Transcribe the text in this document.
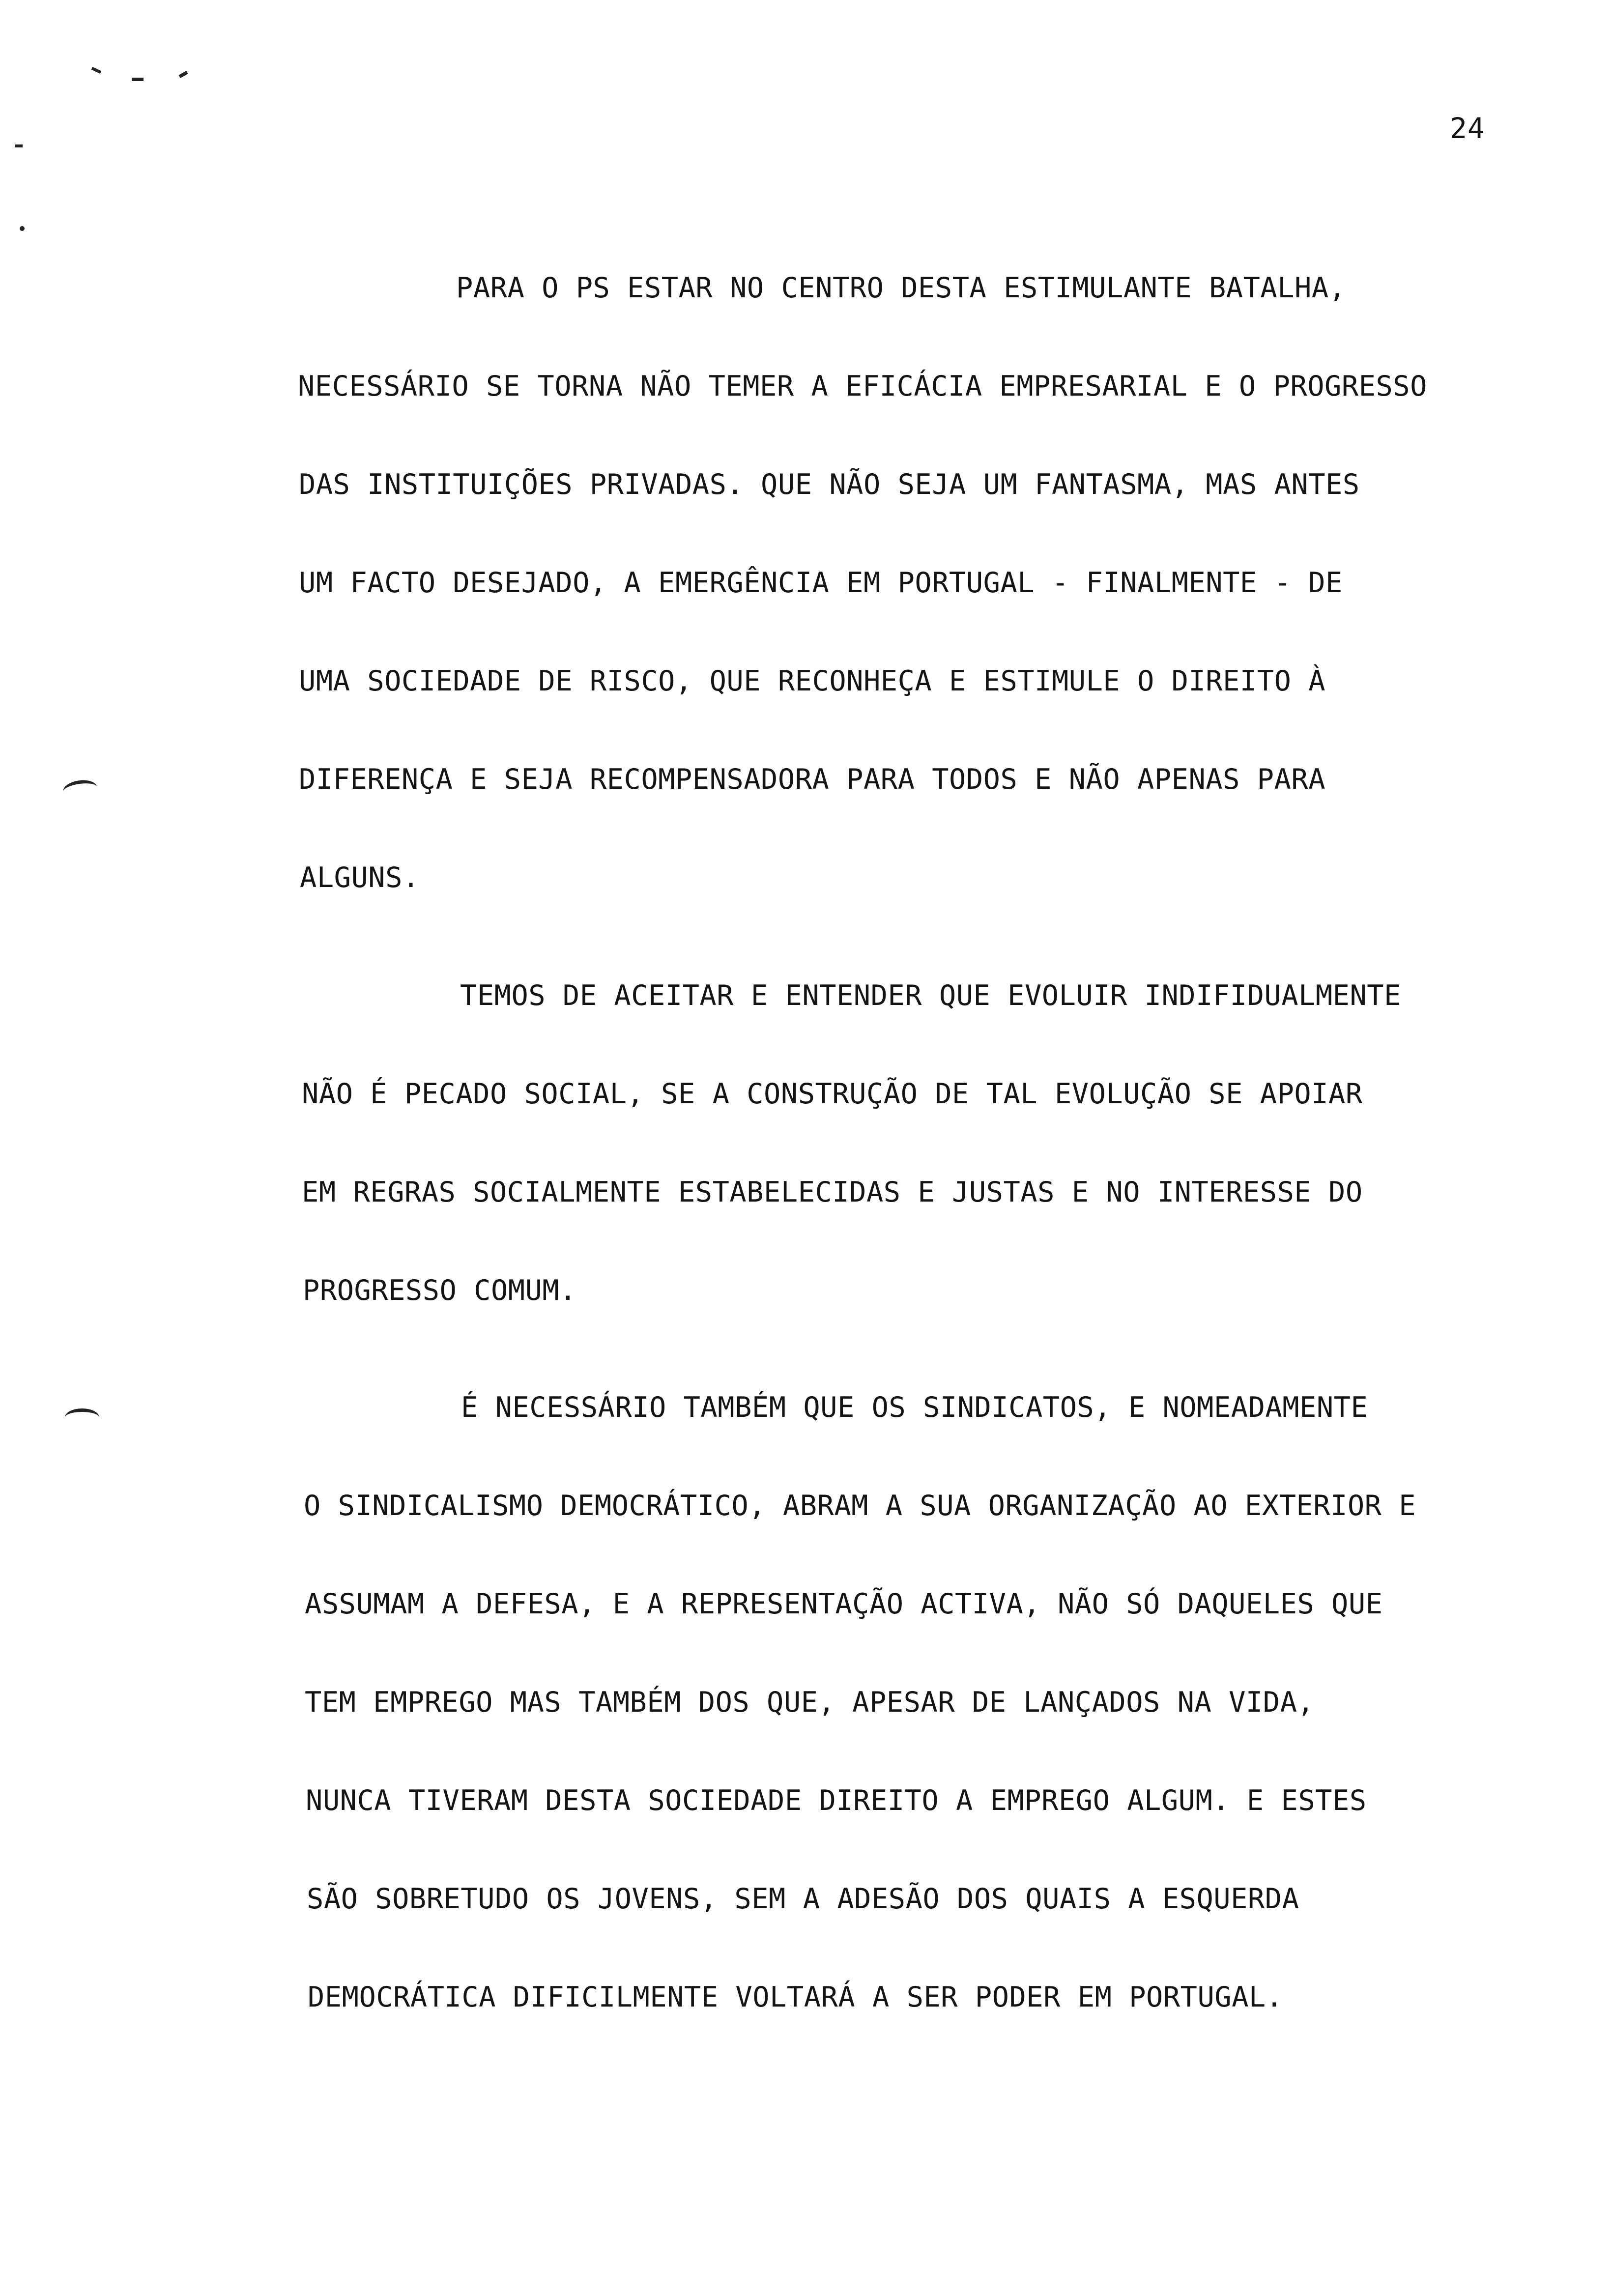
24
PARA O PS ESTAR NO CENTRO DESTA ESTIMULANTE BATALHA,
NECESSÁRIO SE TORNA NÃO TEMER A EFICÁCIA EMPRESARIAL E O PROGRESSO
DAS INSTITUIÇÕES PRIVADAS. QUE NÃO SEJA UM FANTASMA, MAS ANTES
UM FACTO DESEJADO, A EMERGÊNCIA EM PORTUGAL - FINALMENTE - DE
UMA SOCIEDADE DE RISCO, QUE RECONHEÇA E ESTIMULE O DIREITO À
DIFERENÇA E SEJA RECOMPENSADORA PARA TODOS E NÃO APENAS PARA
ALGUNS.
TEMOS DE ACEITAR E ENTENDER QUE EVOLUIR INDIFIDUALMENTE
NÃO É PECADO SOCIAL, SE A CONSTRUÇÃO DE TAL EVOLUÇÃO SE APOIAR
EM REGRAS SOCIALMENTE ESTABELECIDAS E JUSTAS E NO INTERESSE DO
PROGRESSO COMUM.
É NECESSÁRIO TAMBÉM QUE OS SINDICATOS, E NOMEADAMENTE
O SINDICALISMO DEMOCRÁTICO, ABRAM A SUA ORGANIZAÇÃO AO EXTERIOR E
ASSUMAM A DEFESA, E A REPRESENTAÇÃO ACTIVA, NÃO SÓ DAQUELES QUE
TEM EMPREGO MAS TAMBÉM DOS QUE, APESAR DE LANÇADOS NA VIDA,
NUNCA TIVERAM DESTA SOCIEDADE DIREITO A EMPREGO ALGUM. E ESTES
SÃO SOBRETUDO OS JOVENS, SEM A ADESÃO DOS QUAIS A ESQUERDA
DEMOCRÁTICA DIFICILMENTE VOLTARÁ A SER PODER EM PORTUGAL.
